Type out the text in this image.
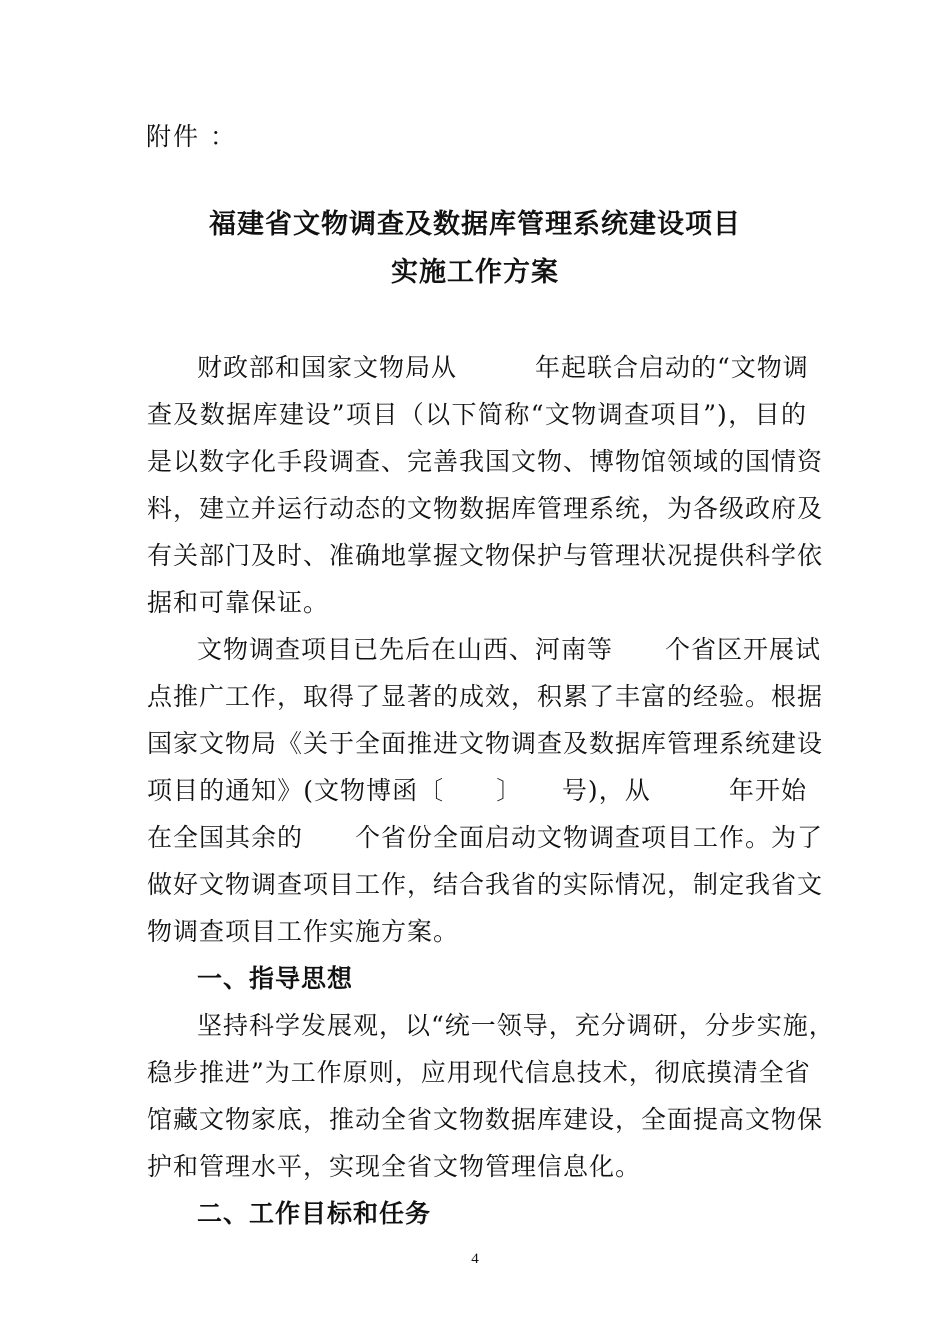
附件 ：
福建省文物调查及数据库管理系统建设项目
实施工作方案
财政部和国家文物局从　　　年起联合启动的“文物调
查及数据库建设”项目（以下简称“文物调查项目”)，目的
是以数字化手段调查、完善我国文物、博物馆领域的国情资
料，建立并运行动态的文物数据库管理系统，为各级政府及
有关部门及时、准确地掌握文物保护与管理状况提供科学依
据和可靠保证。
文物调查项目已先后在山西、河南等　　个省区开展试
点推广工作，取得了显著的成效，积累了丰富的经验。根据
国家文物局《关于全面推进文物调查及数据库管理系统建设
项目的通知》(文物博函〔　　〕　　号)，从　　　年开始
在全国其余的　　个省份全面启动文物调查项目工作。为了
做好文物调查项目工作，结合我省的实际情况，制定我省文
物调查项目工作实施方案。
一、指导思想
坚持科学发展观，以“统一领导，充分调研，分步实施，
稳步推进”为工作原则，应用现代信息技术，彻底摸清全省
馆藏文物家底，推动全省文物数据库建设，全面提高文物保
护和管理水平，实现全省文物管理信息化。
二、工作目标和任务
4
